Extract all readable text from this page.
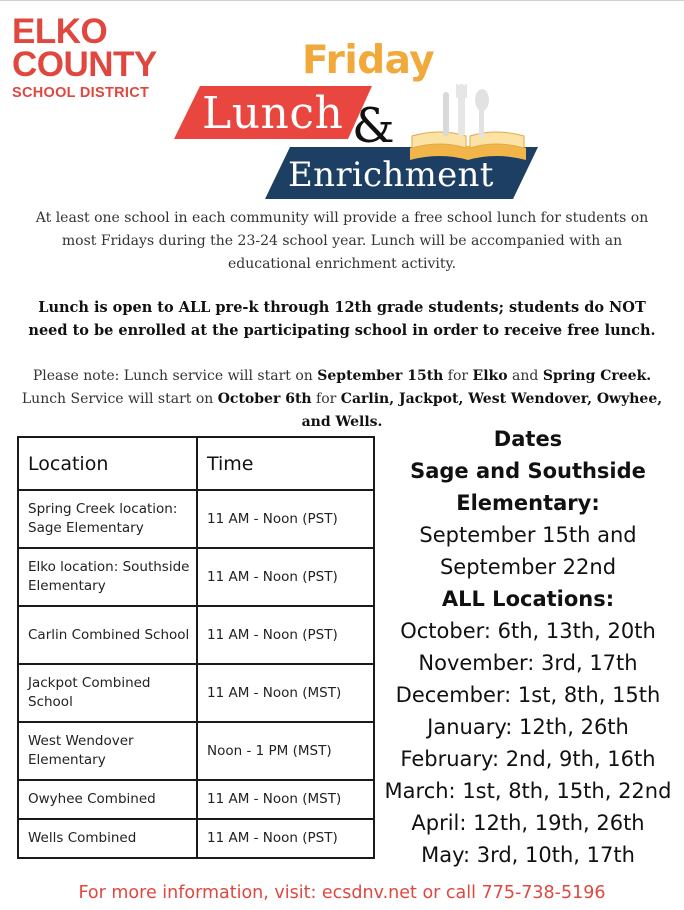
ELKO
COUNTY
SCHOOL DISTRICT
Friday
Lunch &
Enrichment
At least one school in each community will provide a free school lunch for students on most Fridays during the 23-24 school year. Lunch will be accompanied with an educational enrichment activity.
Lunch is open to ALL pre-k through 12th grade students; students do NOT need to be enrolled at the participating school in order to receive free lunch.
Please note: Lunch service will start on September 15th for Elko and Spring Creek. Lunch Service will start on October 6th for Carlin, Jackpot, West Wendover, Owyhee, and Wells.
Location	Time
Spring Creek location: Sage Elementary	11 AM - Noon (PST)
Elko location: Southside Elementary	11 AM - Noon (PST)
Carlin Combined School	11 AM - Noon (PST)
Jackpot Combined School	11 AM - Noon (MST)
West Wendover Elementary	Noon - 1 PM (MST)
Owyhee Combined	11 AM - Noon (MST)
Wells Combined	11 AM - Noon (PST)
Dates
Sage and Southside
Elementary:
September 15th and
September 22nd
ALL Locations:
October: 6th, 13th, 20th
November: 3rd, 17th
December: 1st, 8th, 15th
January: 12th, 26th
February: 2nd, 9th, 16th
March: 1st, 8th, 15th, 22nd
April: 12th, 19th, 26th
May: 3rd, 10th, 17th
For more information, visit: ecsdnv.net or call 775-738-5196
